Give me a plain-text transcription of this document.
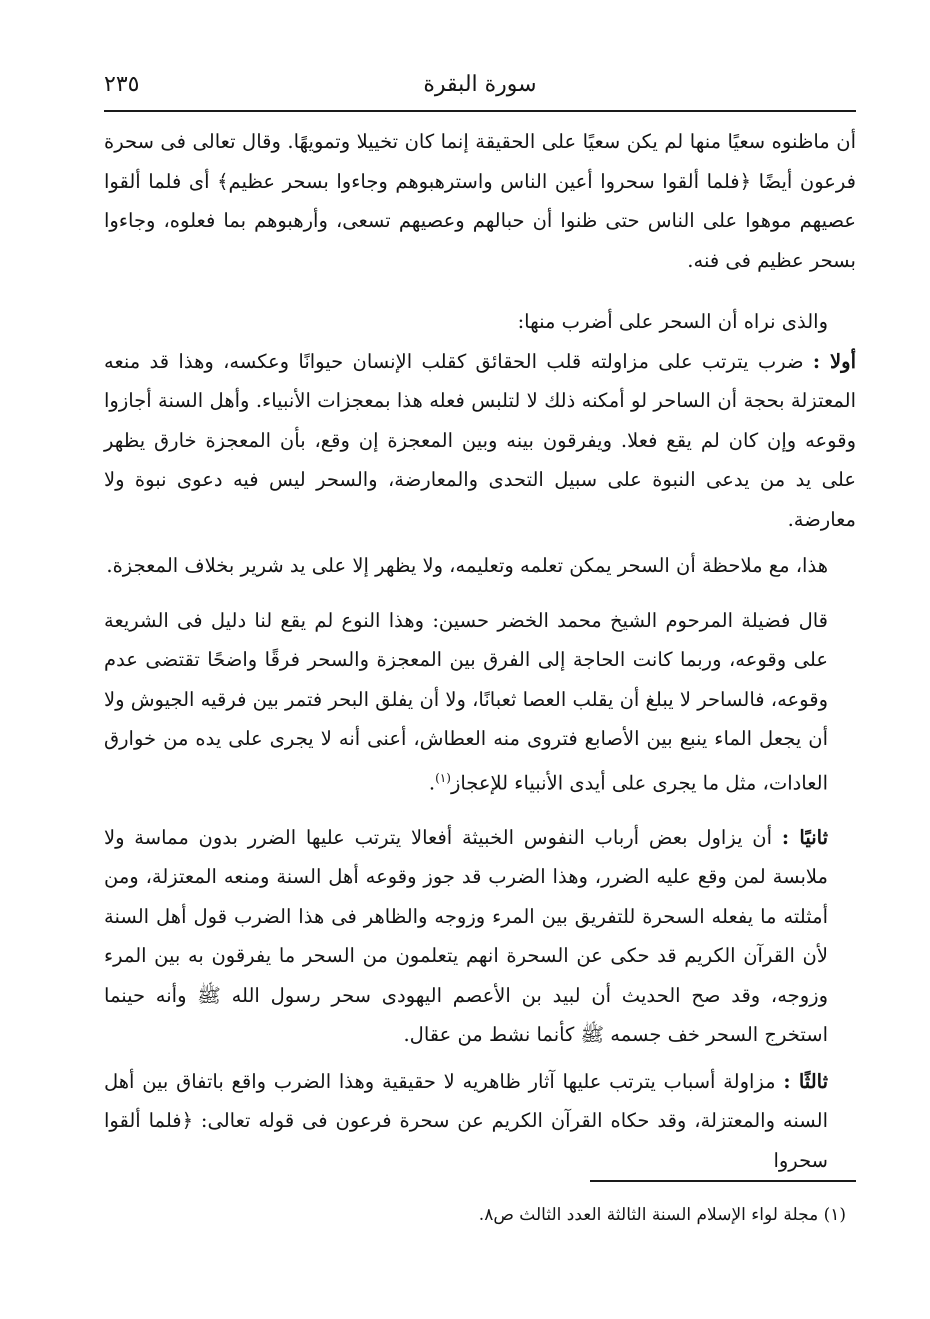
٢٣٥	سورة البقرة

أن ماظنوه سعيًا منها لم يكن سعيًا على الحقيقة إنما كان تخييلا وتمويهًا. وقال تعالى فى سحرة فرعون أيضًا ﴿فلما ألقوا سحروا أعين الناس واسترهبوهم وجاءوا بسحر عظيم﴾ أى فلما ألقوا عصيهم موهوا على الناس حتى ظنوا أن حبالهم وعصيهم تسعى، وأرهبوهم بما فعلوه، وجاءوا بسحر عظيم فى فنه.

والذى نراه أن السحر على أضرب منها:

أولا : ضرب يترتب على مزاولته قلب الحقائق كقلب الإنسان حيوانًا وعكسه، وهذا قد منعه المعتزلة بحجة أن الساحر لو أمكنه ذلك لا لتلبس فعله هذا بمعجزات الأنبياء. وأهل السنة أجازوا وقوعه وإن كان لم يقع فعلا. ويفرقون بينه وبين المعجزة إن وقع، بأن المعجزة خارق يظهر على يد من يدعى النبوة على سبيل التحدى والمعارضة، والسحر ليس فيه دعوى نبوة ولا معارضة.

هذا، مع ملاحظة أن السحر يمكن تعلمه وتعليمه، ولا يظهر إلا على يد شرير بخلاف المعجزة.

قال فضيلة المرحوم الشيخ محمد الخضر حسين: وهذا النوع لم يقع لنا دليل فى الشريعة على وقوعه، وربما كانت الحاجة إلى الفرق بين المعجزة والسحر فرقًا واضحًا تقتضى عدم وقوعه، فالساحر لا يبلغ أن يقلب العصا ثعبانًا، ولا أن يفلق البحر فتمر بين فرقيه الجيوش ولا أن يجعل الماء ينبع بين الأصابع فتروى منه العطاش، أعنى أنه لا يجرى على يده من خوارق العادات، مثل ما يجرى على أيدى الأنبياء للإعجاز$^{(١)}$.

ثانيًا : أن يزاول بعض أرباب النفوس الخبيثة أفعالا يترتب عليها الضرر بدون مماسة ولا ملابسة لمن وقع عليه الضرر، وهذا الضرب قد جوز وقوعه أهل السنة ومنعه المعتزلة، ومن أمثلته ما يفعله السحرة للتفريق بين المرء وزوجه والظاهر فى هذا الضرب قول أهل السنة لأن القرآن الكريم قد حكى عن السحرة انهم يتعلمون من السحر ما يفرقون به بين المرء وزوجه، وقد صح الحديث أن لبيد بن الأعصم اليهودى سحر رسول الله ﷺ وأنه حينما استخرج السحر خف جسمه ﷺ كأنما نشط من عقال.

ثالثًا : مزاولة أسباب يترتب عليها آثار ظاهريه لا حقيقية وهذا الضرب واقع باتفاق بين أهل السنه والمعتزلة، وقد حكاه القرآن الكريم عن سحرة فرعون فى قوله تعالى: ﴿فلما ألقوا سحروا

(١) مجلة لواء الإسلام السنة الثالثة العدد الثالث ص٨.
